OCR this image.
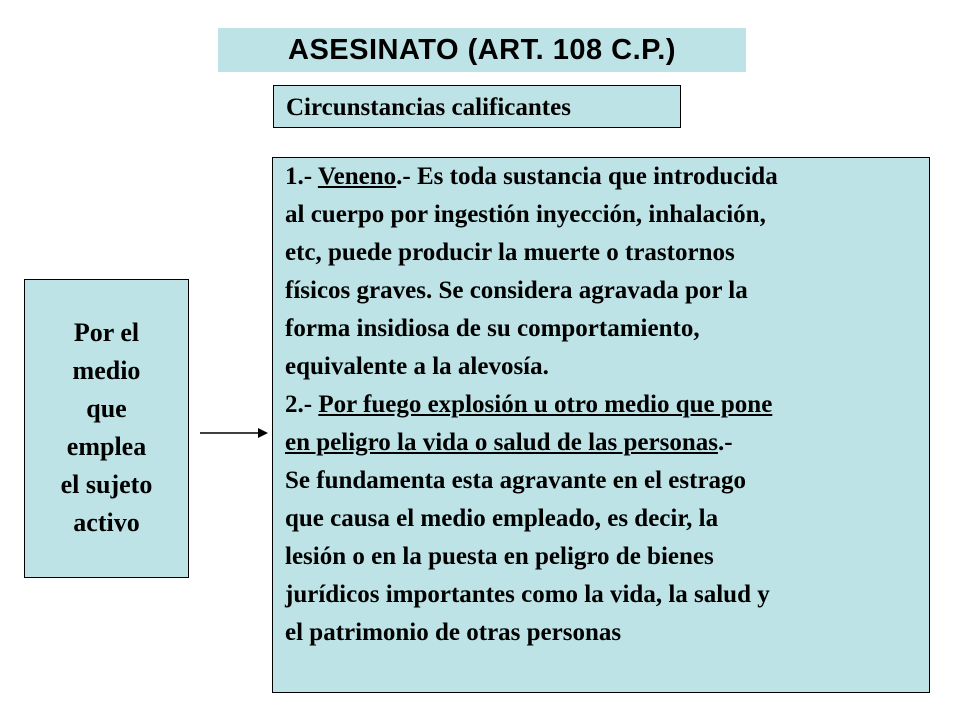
ASESINATO (ART. 108 C.P.)
Circunstancias calificantes
Por el
medio
que
emplea
el sujeto
activo
1.- Veneno.- Es toda sustancia que introducida
al cuerpo por ingestión inyección, inhalación,
etc, puede producir la muerte o trastornos
físicos graves. Se considera agravada por la
forma insidiosa de su comportamiento,
equivalente a la alevosía.
2.- Por fuego explosión u otro medio que pone
en peligro la vida o salud de las personas.-
Se fundamenta esta agravante en el estrago
que causa el medio empleado, es decir, la
lesión o en la puesta en peligro de bienes
jurídicos importantes como la vida, la salud y
el patrimonio de otras personas
